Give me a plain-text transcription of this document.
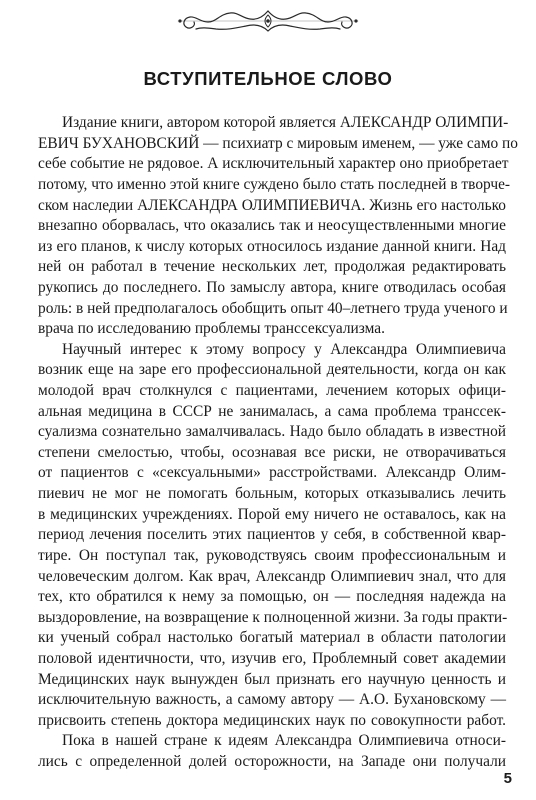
ВСТУПИТЕЛЬНОЕ СЛОВО
Издание книги, автором которой является АЛЕКСАНДР ОЛИМПИ-
ЕВИЧ БУХАНОВСКИЙ — психиатр с мировым именем, — уже само по
себе событие не рядовое. А исключительный характер оно приобретает
потому, что именно этой книге суждено было стать последней в творче-
ском наследии АЛЕКСАНДРА ОЛИМПИЕВИЧА. Жизнь его настолько
внезапно оборвалась, что оказались так и неосуществленными многие
из его планов, к числу которых относилось издание данной книги. Над
ней он работал в течение нескольких лет, продолжая редактировать
рукопись до последнего. По замыслу автора, книге отводилась особая
роль: в ней предполагалось обобщить опыт 40–летнего труда ученого и
врача по исследованию проблемы транссексуализма.
Научный интерес к этому вопросу у Александра Олимпиевича
возник еще на заре его профессиональной деятельности, когда он как
молодой врач столкнулся с пациентами, лечением которых офици-
альная медицина в СССР не занималась, а сама проблема транссек-
суализма сознательно замалчивалась. Надо было обладать в известной
степени смелостью, чтобы, осознавая все риски, не отворачиваться
от пациентов с «сексуальными» расстройствами. Александр Олим-
пиевич не мог не помогать больным, которых отказывались лечить
в медицинских учреждениях. Порой ему ничего не оставалось, как на
период лечения поселить этих пациентов у себя, в собственной квар-
тире. Он поступал так, руководствуясь своим профессиональным и
человеческим долгом. Как врач, Александр Олимпиевич знал, что для
тех, кто обратился к нему за помощью, он — последняя надежда на
выздоровление, на возвращение к полноценной жизни. За годы практи-
ки ученый собрал настолько богатый материал в области патологии
половой идентичности, что, изучив его, Проблемный совет академии
Медицинских наук вынужден был признать его научную ценность и
исключительную важность, а самому автору — А.О. Бухановскому —
присвоить степень доктора медицинских наук по совокупности работ.
Пока в нашей стране к идеям Александра Олимпиевича относи-
лись с определенной долей осторожности, на Западе они получали
5
